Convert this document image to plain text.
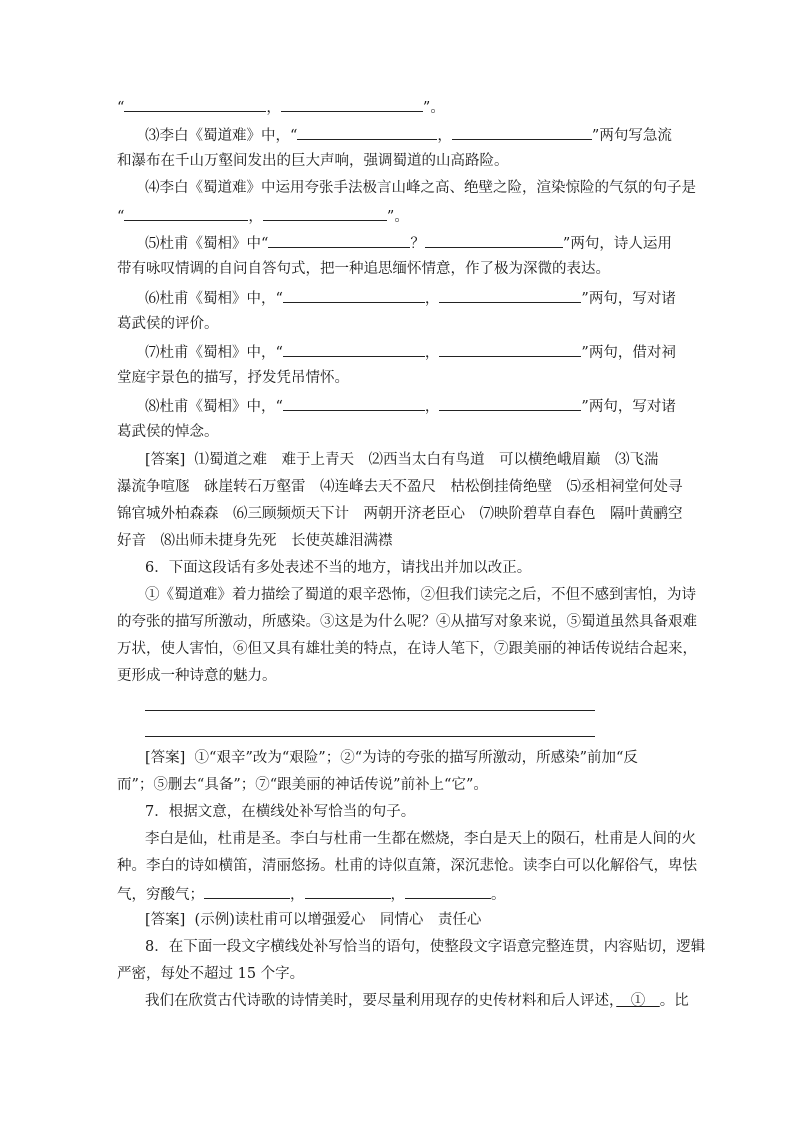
“	，	”。
⑶李白《蜀道难》中，“	，	”两句写急流
和瀑布在千山万壑间发出的巨大声响，强调蜀道的山高路险。
⑷李白《蜀道难》中运用夸张手法极言山峰之高、绝壁之险，渲染惊险的气氛的句子是
“	，	”。
⑸杜甫《蜀相》中“	？	”两句，诗人运用
带有咏叹情调的自问自答句式，把一种追思缅怀情意，作了极为深微的表达。
⑹杜甫《蜀相》中，“	，	”两句，写对诸
葛武侯的评价。
⑺杜甫《蜀相》中，“	，	”两句，借对祠
堂庭宇景色的描写，抒发凭吊情怀。
⑻杜甫《蜀相》中，“	，	”两句，写对诸
葛武侯的悼念。
[答案] ⑴蜀道之难　难于上青天　⑵西当太白有鸟道　可以横绝峨眉巅　⑶飞湍
瀑流争喧豗　砯崖转石万壑雷　⑷连峰去天不盈尺　枯松倒挂倚绝壁　⑸丞相祠堂何处寻
锦官城外柏森森　⑹三顾频烦天下计　两朝开济老臣心　⑺映阶碧草自春色　隔叶黄鹂空
好音　⑻出师未捷身先死　长使英雄泪满襟
6．下面这段话有多处表述不当的地方，请找出并加以改正。
①《蜀道难》着力描绘了蜀道的艰辛恐怖，②但我们读完之后，不但不感到害怕，为诗
的夸张的描写所激动，所感染。③这是为什么呢？④从描写对象来说，⑤蜀道虽然具备艰难
万状，使人害怕，⑥但又具有雄壮美的特点，在诗人笔下，⑦跟美丽的神话传说结合起来，
更形成一种诗意的魅力。
[答案] ①“艰辛”改为“艰险”；②“为诗的夸张的描写所激动，所感染”前加“反
而”；⑤删去“具备”；⑦“跟美丽的神话传说”前补上“它”。
7．根据文意，在横线处补写恰当的句子。
李白是仙，杜甫是圣。李白与杜甫一生都在燃烧，李白是天上的陨石，杜甫是人间的火
种。李白的诗如横笛，清丽悠扬。杜甫的诗似直箫，深沉悲怆。读李白可以化解俗气，卑怯
气，穷酸气；	，	，	。
[答案] (示例)读杜甫可以增强爱心　同情心　责任心
8．在下面一段文字横线处补写恰当的语句，使整段文字语意完整连贯，内容贴切，逻辑
严密，每处不超过 15 个字。
我们在欣赏古代诗歌的诗情美时，要尽量利用现存的史传材料和后人评述，　①　。比
